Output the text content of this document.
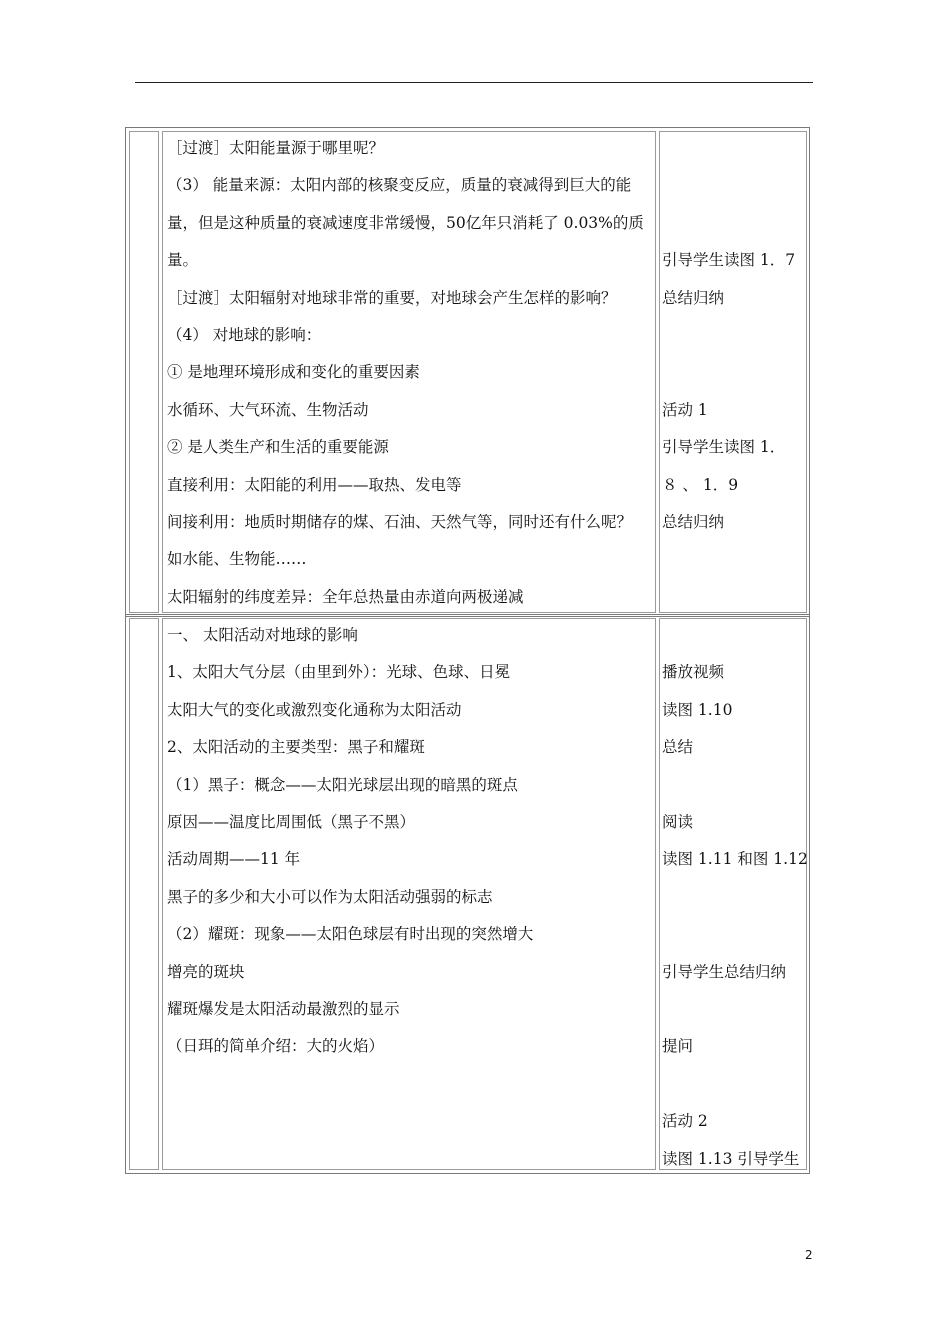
［过渡］太阳能量源于哪里呢？
（3） 能量来源：太阳内部的核聚变反应，质量的衰减得到巨大的能
量，但是这种质量的衰减速度非常缓慢，50亿年只消耗了 0.03%的质
量。
［过渡］太阳辐射对地球非常的重要，对地球会产生怎样的影响？
（4） 对地球的影响：
① 是地理环境形成和变化的重要因素
水循环、大气环流、生物活动
② 是人类生产和生活的重要能源
直接利用：太阳能的利用——取热、发电等
间接利用：地质时期储存的煤、石油、天然气等，同时还有什么呢？
如水能、生物能……
太阳辐射的纬度差异：全年总热量由赤道向两极递减
引导学生读图 1．7
总结归纳
活动 1
引导学生读图 1．
８ 、 1．9
总结归纳
一、 太阳活动对地球的影响
1、太阳大气分层（由里到外）：光球、色球、日冕
太阳大气的变化或激烈变化通称为太阳活动
2、太阳活动的主要类型：黑子和耀斑
（1）黑子：概念——太阳光球层出现的暗黑的斑点
原因——温度比周围低（黑子不黑）
活动周期——11 年
黑子的多少和大小可以作为太阳活动强弱的标志
（2）耀斑：现象——太阳色球层有时出现的突然增大
增亮的斑块
耀斑爆发是太阳活动最激烈的显示
（日珥的简单介绍：大的火焰）
播放视频
读图 1.10
总结
阅读
读图 1.11 和图 1.12
引导学生总结归纳
提问
活动 2
读图 1.13 引导学生
2
